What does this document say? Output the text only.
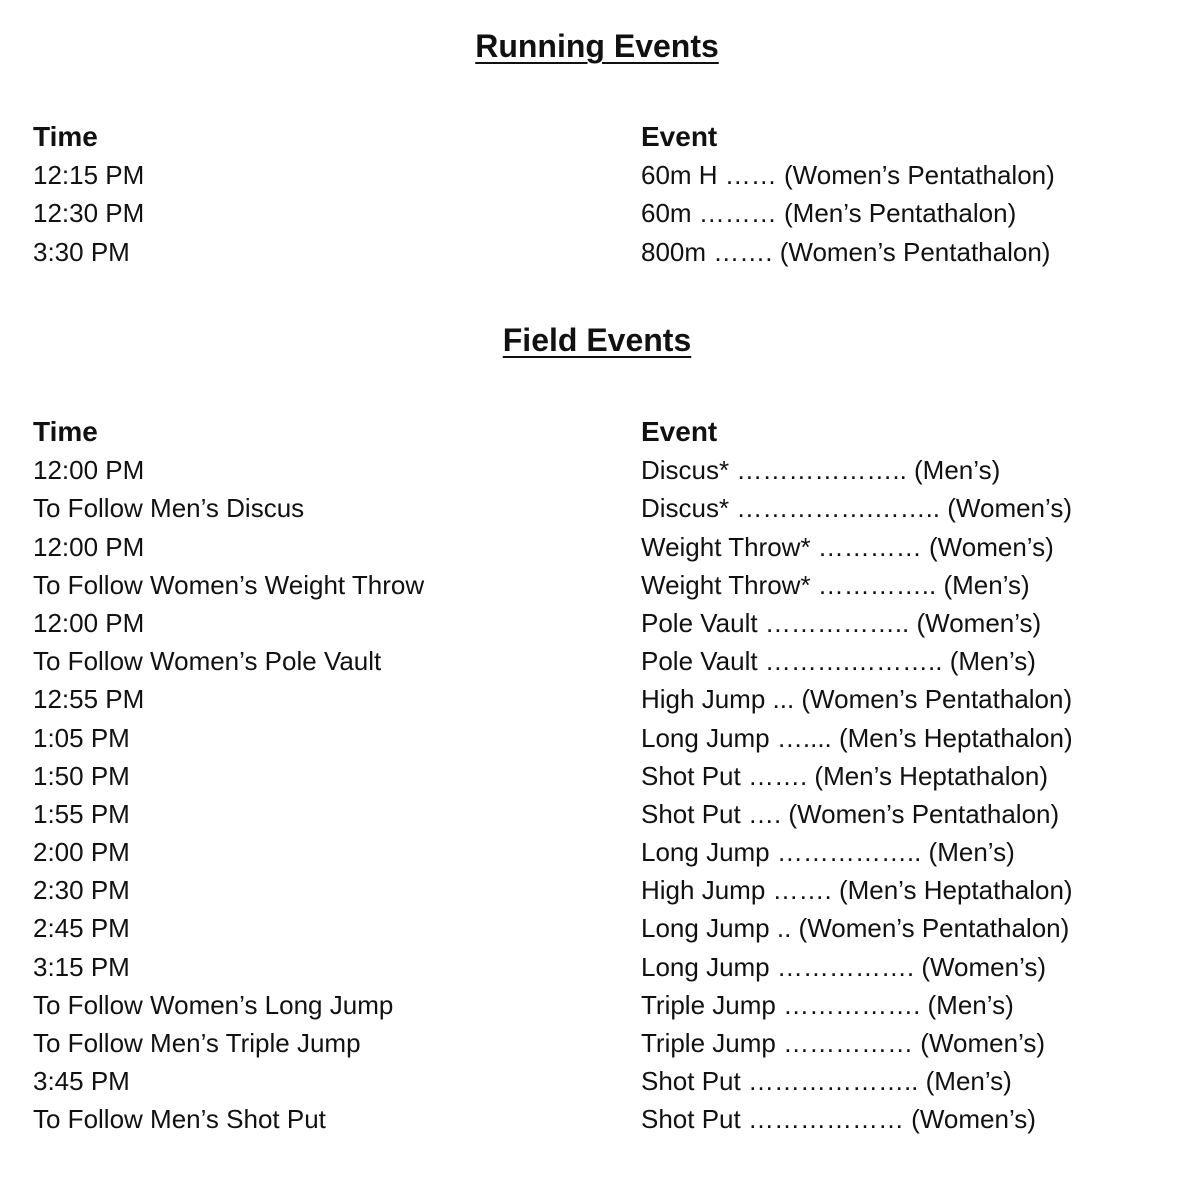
Running Events
Time	Event
12:15 PM	60m H …… (Women’s Pentathalon)
12:30 PM	60m ……… (Men’s Pentathalon)
3:30 PM	800m ……. (Women’s Pentathalon)
Field Events
Time	Event
12:00 PM	Discus* ……………….. (Men’s)
To Follow Men’s Discus	Discus* …………….…….. (Women’s)
12:00 PM	Weight Throw* ………… (Women’s)
To Follow Women’s Weight Throw	Weight Throw* ………….. (Men’s)
12:00 PM	Pole Vault …………….. (Women’s)
To Follow Women’s Pole Vault	Pole Vault ……….……….. (Men’s)
12:55 PM	High Jump ... (Women’s Pentathalon)
1:05 PM	Long Jump ….... (Men’s Heptathalon)
1:50 PM	Shot Put ……. (Men’s Heptathalon)
1:55 PM	Shot Put …. (Women’s Pentathalon)
2:00 PM	Long Jump …………….. (Men’s)
2:30 PM	High Jump ……. (Men’s Heptathalon)
2:45 PM	Long Jump .. (Women’s Pentathalon)
3:15 PM	Long Jump ……………. (Women’s)
To Follow Women’s Long Jump	Triple Jump ……………. (Men’s)
To Follow Men’s Triple Jump	Triple Jump …………… (Women’s)
3:45 PM	Shot Put ……………….. (Men’s)
To Follow Men’s Shot Put	Shot Put ……………… (Women’s)
